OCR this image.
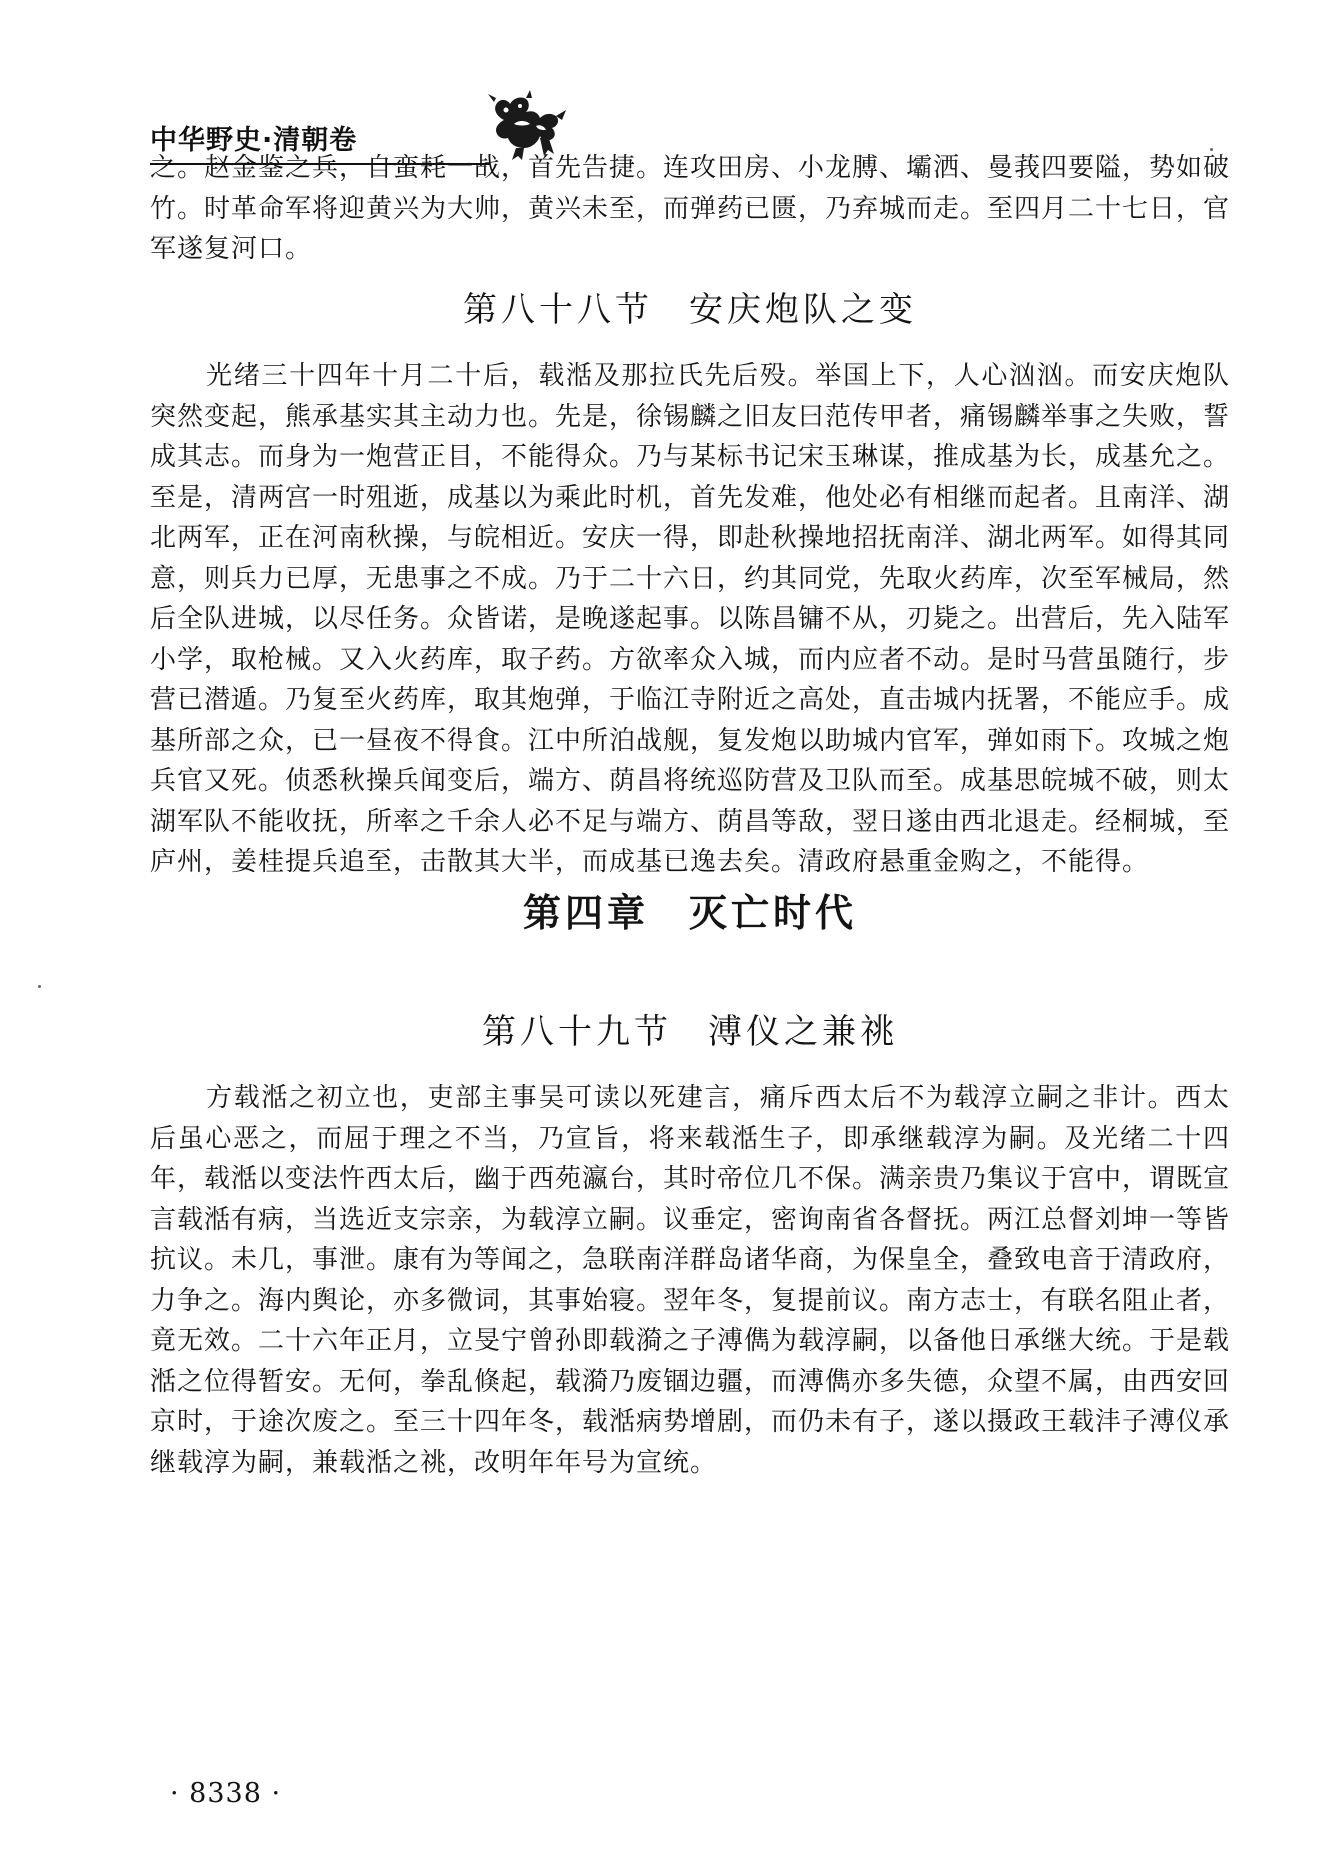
中华野史·清朝卷

之。赵金鉴之兵，自蛮耗一战，首先告捷。连攻田房、小龙膊、壩洒、曼莪四要隘，势如破竹。时革命军将迎黄兴为大帅，黄兴未至，而弹药已匮，乃弃城而走。至四月二十七日，官军遂复河口。

第八十八节 安庆炮队之变

光绪三十四年十月二十后，载湉及那拉氏先后殁。举国上下，人心汹汹。而安庆炮队突然变起，熊承基实其主动力也。先是，徐锡麟之旧友曰范传甲者，痛锡麟举事之失败，誓成其志。而身为一炮营正目，不能得众。乃与某标书记宋玉琳谋，推成基为长，成基允之。至是，清两宫一时殂逝，成基以为乘此时机，首先发难，他处必有相继而起者。且南洋、湖北两军，正在河南秋操，与皖相近。安庆一得，即赴秋操地招抚南洋、湖北两军。如得其同意，则兵力已厚，无患事之不成。乃于二十六日，约其同党，先取火药库，次至军械局，然后全队进城，以尽任务。众皆诺，是晚遂起事。以陈昌镛不从，刃毙之。出营后，先入陆军小学，取枪械。又入火药库，取子药。方欲率众入城，而内应者不动。是时马营虽随行，步营已潜遁。乃复至火药库，取其炮弹，于临江寺附近之高处，直击城内抚署，不能应手。成基所部之众，已一昼夜不得食。江中所泊战舰，复发炮以助城内官军，弹如雨下。攻城之炮兵官又死。侦悉秋操兵闻变后，端方、荫昌将统巡防营及卫队而至。成基思皖城不破，则太湖军队不能收抚，所率之千余人必不足与端方、荫昌等敌，翌日遂由西北退走。经桐城，至庐州，姜桂提兵追至，击散其大半，而成基已逸去矣。清政府悬重金购之，不能得。

第四章 灭亡时代
第八十九节 溥仪之兼祧

方载湉之初立也，吏部主事吴可读以死建言，痛斥西太后不为载淳立嗣之非计。西太后虽心恶之，而屈于理之不当，乃宣旨，将来载湉生子，即承继载淳为嗣。及光绪二十四年，载湉以变法忤西太后，幽于西苑瀛台，其时帝位几不保。满亲贵乃集议于宫中，谓既宣言载湉有病，当选近支宗亲，为载淳立嗣。议垂定，密询南省各督抚。两江总督刘坤一等皆抗议。未几，事泄。康有为等闻之，急联南洋群岛诸华商，为保皇全，叠致电音于清政府，力争之。海内舆论，亦多微词，其事始寝。翌年冬，复提前议。南方志士，有联名阻止者，竟无效。二十六年正月，立旻宁曾孙即载漪之子溥儁为载淳嗣，以备他日承继大统。于是载湉之位得暂安。无何，拳乱倏起，载漪乃废锢边疆，而溥儁亦多失德，众望不属，由西安回京时，于途次废之。至三十四年冬，载湉病势增剧，而仍未有子，遂以摄政王载沣子溥仪承继载淳为嗣，兼载湉之祧，改明年年号为宣统。

· 8338 ·
